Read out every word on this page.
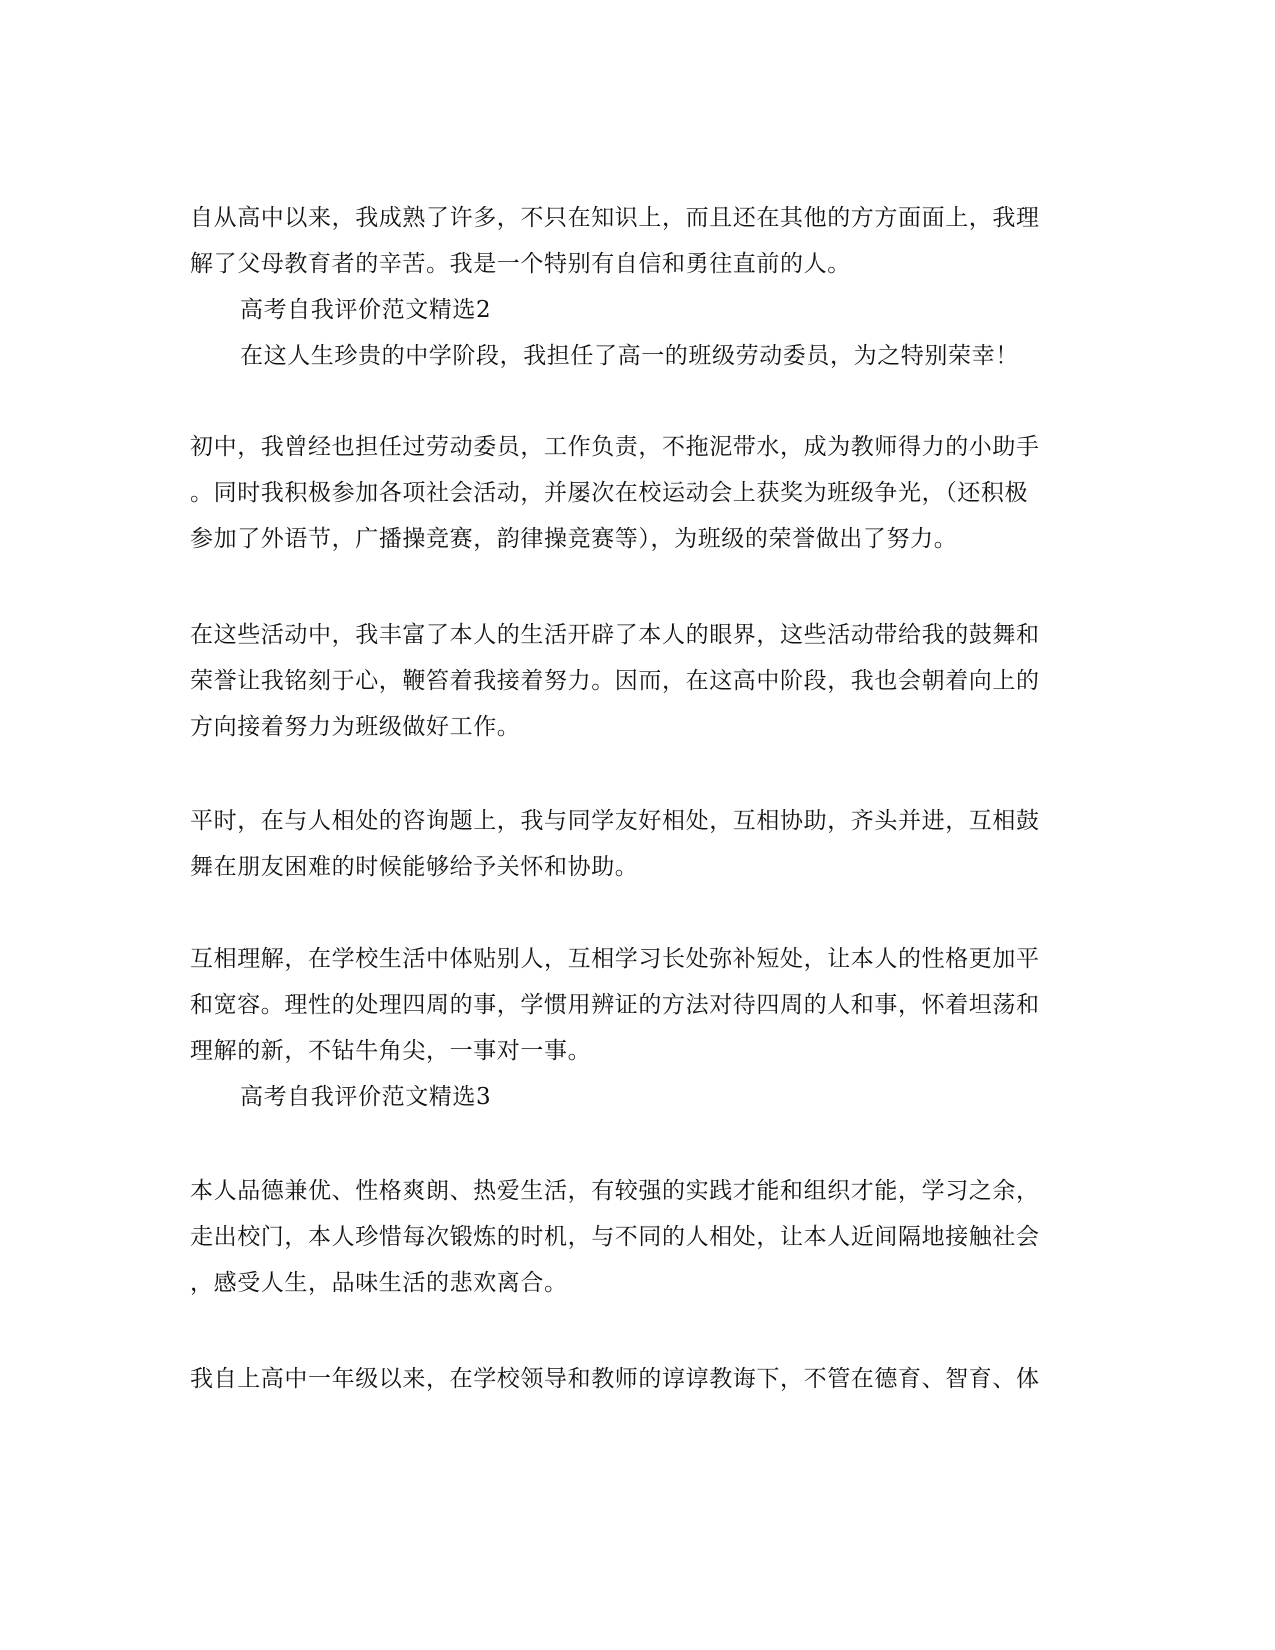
自从高中以来，我成熟了许多，不只在知识上，而且还在其他的方方面面上，我理
解了父母教育者的辛苦。我是一个特别有自信和勇往直前的人。
高考自我评价范文精选2
在这人生珍贵的中学阶段，我担任了高一的班级劳动委员，为之特别荣幸！
初中，我曾经也担任过劳动委员，工作负责，不拖泥带水，成为教师得力的小助手
。同时我积极参加各项社会活动，并屡次在校运动会上获奖为班级争光，（还积极
参加了外语节，广播操竞赛，韵律操竞赛等），为班级的荣誉做出了努力。
在这些活动中，我丰富了本人的生活开辟了本人的眼界，这些活动带给我的鼓舞和
荣誉让我铭刻于心，鞭笞着我接着努力。因而，在这高中阶段，我也会朝着向上的
方向接着努力为班级做好工作。
平时，在与人相处的咨询题上，我与同学友好相处，互相协助，齐头并进，互相鼓
舞在朋友困难的时候能够给予关怀和协助。
互相理解，在学校生活中体贴别人，互相学习长处弥补短处，让本人的性格更加平
和宽容。理性的处理四周的事，学惯用辨证的方法对待四周的人和事，怀着坦荡和
理解的新，不钻牛角尖，一事对一事。
高考自我评价范文精选3
本人品德兼优、性格爽朗、热爱生活，有较强的实践才能和组织才能，学习之余，
走出校门，本人珍惜每次锻炼的时机，与不同的人相处，让本人近间隔地接触社会
，感受人生，品味生活的悲欢离合。
我自上高中一年级以来，在学校领导和教师的谆谆教诲下，不管在德育、智育、体
